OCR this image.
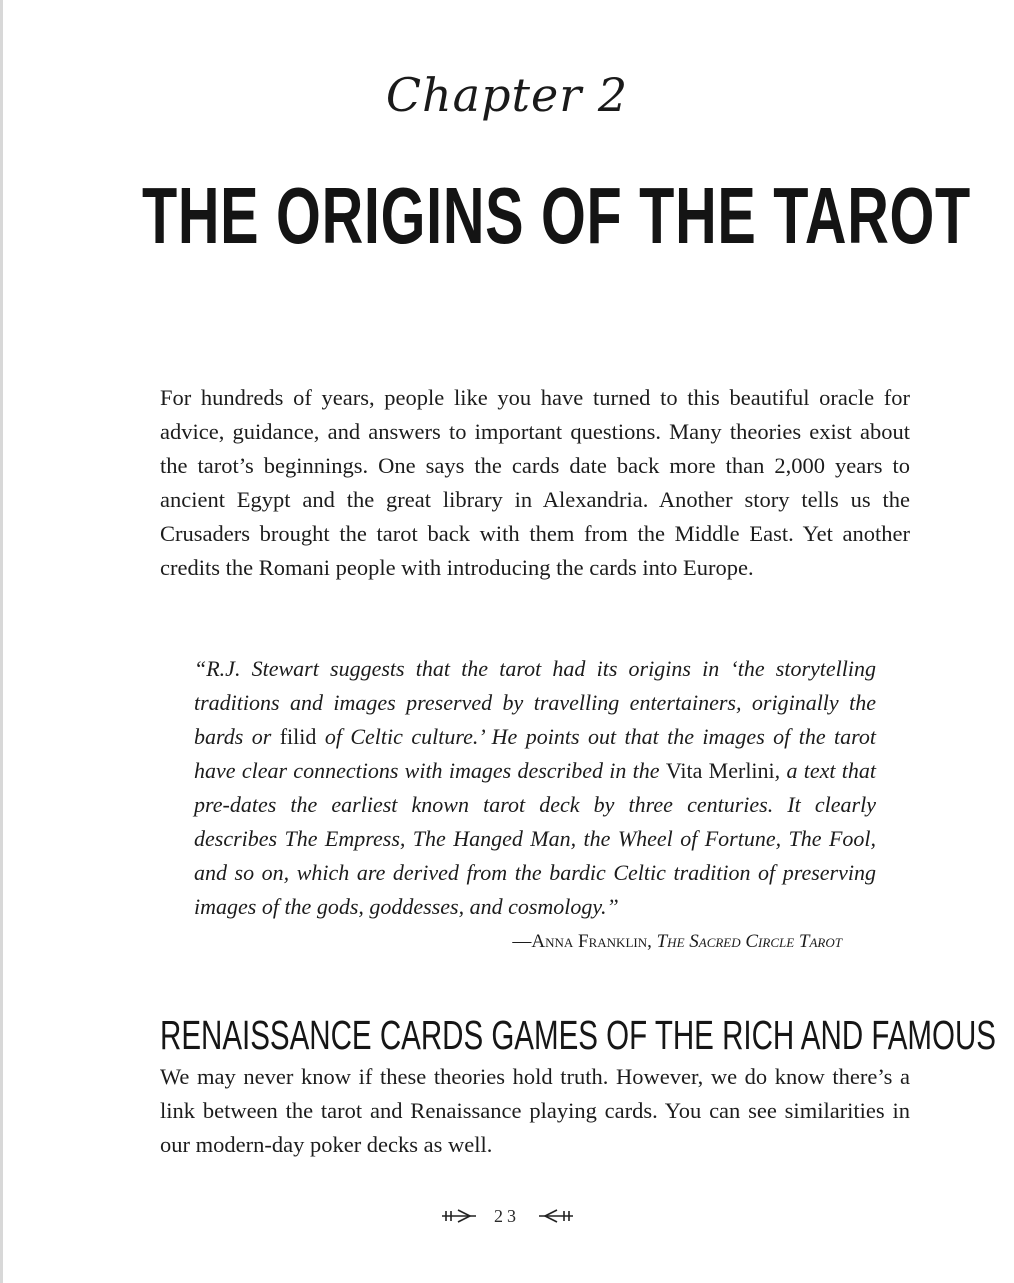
Chapter 2
THE ORIGINS OF THE TAROT

For hundreds of years, people like you have turned to this beautiful oracle for advice, guidance, and answers to important questions. Many theories exist about the tarot’s beginnings. One says the cards date back more than 2,000 years to ancient Egypt and the great library in Alexandria. Another story tells us the Crusaders brought the tarot back with them from the Middle East. Yet another credits the Romani people with introducing the cards into Europe.

“R.J. Stewart suggests that the tarot had its origins in ‘the storytelling traditions and images preserved by travelling entertainers, originally the bards or filid of Celtic culture.’ He points out that the images of the tarot have clear connections with images described in the Vita Merlini, a text that pre-dates the earliest known tarot deck by three centuries. It clearly describes The Empress, The Hanged Man, the Wheel of Fortune, The Fool, and so on, which are derived from the bardic Celtic tradition of preserving images of the gods, goddesses, and cosmology.”

—Anna Franklin, The Sacred Circle Tarot
RENAISSANCE CARDS GAMES OF THE RICH AND FAMOUS

We may never know if these theories hold truth. However, we do know there’s a link between the tarot and Renaissance playing cards. You can see similarities in our modern-day poker decks as well.

23
